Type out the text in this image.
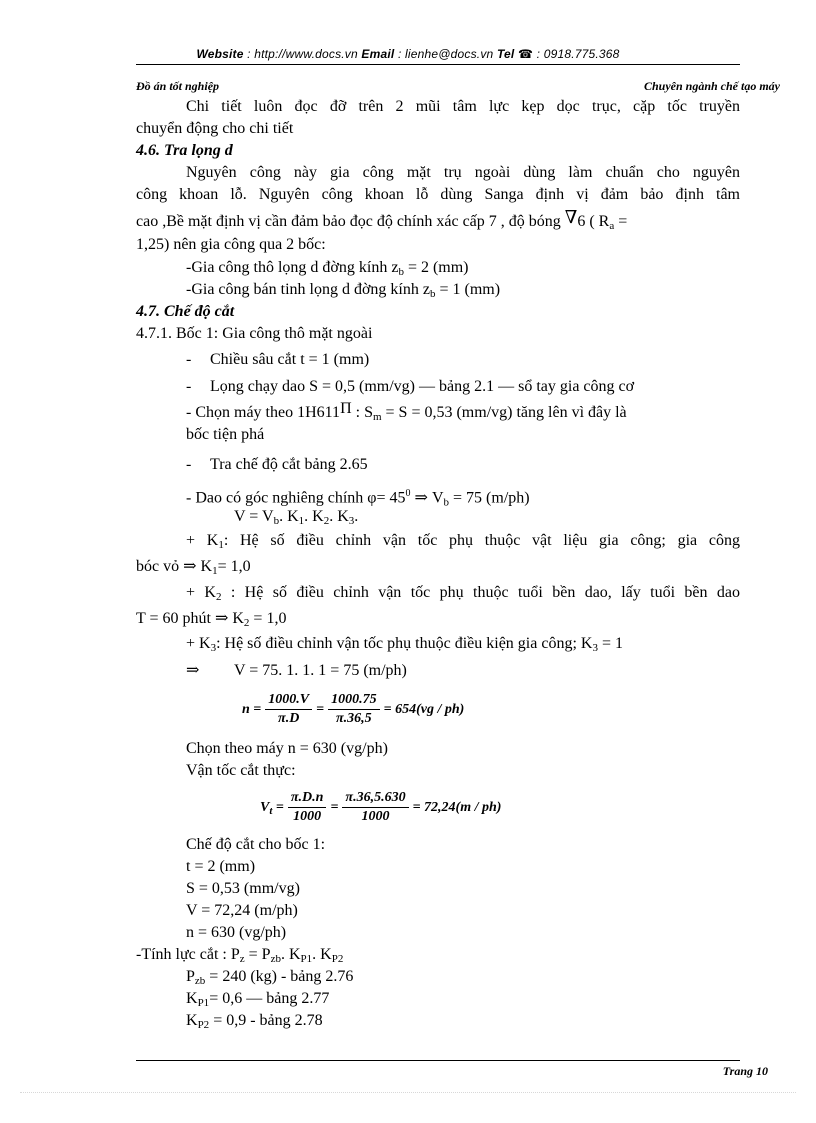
Website : http://www.docs.vn Email : lienhe@docs.vn Tel ☎ : 0918.775.368
Đồ án tốt nghiệp	Chuyên ngành chế tạo máy
Chi tiết luôn đọc đỡ trên 2 mũi tâm lực kẹp dọc trục, cặp tốc truyền
chuyển động cho chi tiết
4.6. Tra lọng d
Nguyên công này gia công mặt trụ ngoài dùng làm chuẩn cho nguyên
công khoan lỗ. Nguyên công khoan lỗ dùng Sanga định vị đảm bảo định tâm
cao ,Bề mặt định vị cần đảm bảo đọc độ chính xác cấp 7 , độ bóng ∇6 ( $R_a$ =
1,25) nên gia công qua 2 bốc:
-Gia công thô lọng d đờng kính $z_b = 2$ (mm)
-Gia công bán tinh lọng d đờng kính $z_b = 1$ (mm)
4.7. Chế độ cắt
4.7.1. Bốc 1: Gia công thô mặt ngoài
- Chiều sâu cắt t = 1 (mm)
- Lọng chạy dao S = 0,5 (mm/vg) — bảng 2.1 — sổ tay gia công cơ
- Chọn máy theo 1H611Π : $S_m = S = 0,53$ (mm/vg) tăng lên vì đây là
bốc tiện phá
- Tra chế độ cắt bảng 2.65
- Dao có góc nghiêng chính $\varphi= 45^0$ ⇒ $V_b = 75$ (m/ph)
$V = V_b$. $K_1$. $K_2$. $K_3$.
+ $K_1$: Hệ số điều chỉnh vận tốc phụ thuộc vật liệu gia công; gia công
bóc vỏ ⇒ $K_1= 1,0$
+ $K_2$ : Hệ số điều chỉnh vận tốc phụ thuộc tuổi bền dao, lấy tuổi bền dao
T = 60 phút ⇒ $K_2 = 1,0$
+ $K_3$: Hệ số điều chỉnh vận tốc phụ thuộc điều kiện gia công; $K_3 = 1$
⇒ V = 75. 1. 1. 1 = 75 (m/ph)
$n = \frac{1000.V}{\pi.D} = \frac{1000.75}{\pi.36,5} = 654(vg / ph)$
Chọn theo máy n = 630 (vg/ph)
Vận tốc cắt thực:
$V_t = \frac{\pi.D.n}{1000} = \frac{\pi.36,5.630}{1000} = 72,24(m / ph)$
Chế độ cắt cho bốc 1:
t = 2 (mm)
S = 0,53 (mm/vg)
V = 72,24 (m/ph)
n = 630 (vg/ph)
-Tính lực cắt : $P_z = P_{zb}$. $K_{P1}$. $K_{P2}$
$P_{zb} = 240$ (kg) - bảng 2.76
$K_{P1}= 0,6$ — bảng 2.77
$K_{P2} = 0,9$ - bảng 2.78
Trang 10
